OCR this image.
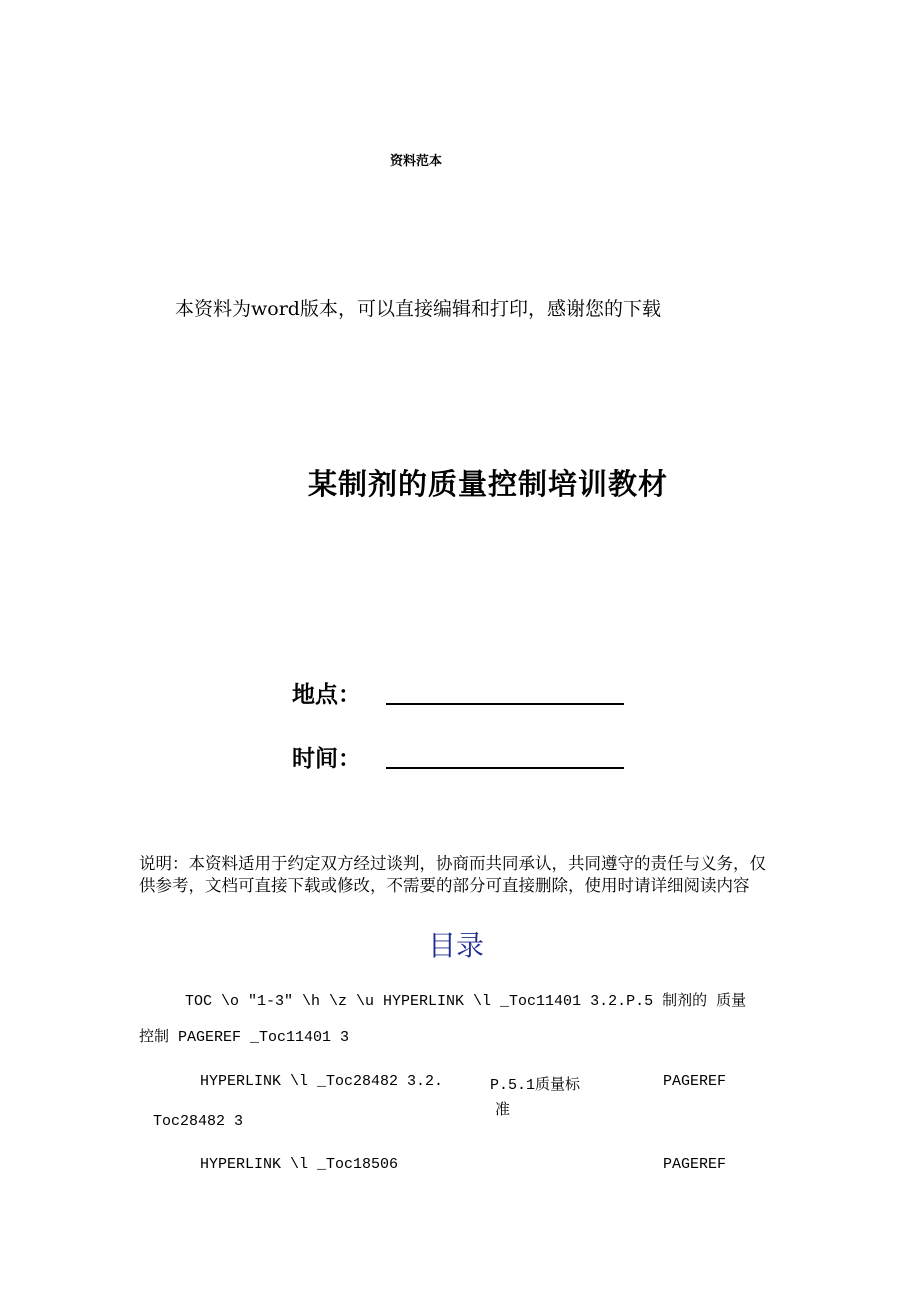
资料范本
本资料为word版本，可以直接编辑和打印，感谢您的下载
某制剂的质量控制培训教材
地点：
时间：
说明：本资料适用于约定双方经过谈判，协商而共同承认，共同遵守的责任与义务，仅供参考，文档可直接下载或修改，不需要的部分可直接删除，使用时请详细阅读内容
目录
TOC \o "1-3" \h \z \u HYPERLINK \l _Toc11401 3.2.P.5 制剂的 质量
控制 PAGEREF _Toc11401 3
HYPERLINK \l _Toc28482 3.2.	P.5.1质量标
准
PAGEREF
Toc28482 3
HYPERLINK \l _Toc18506	PAGEREF
